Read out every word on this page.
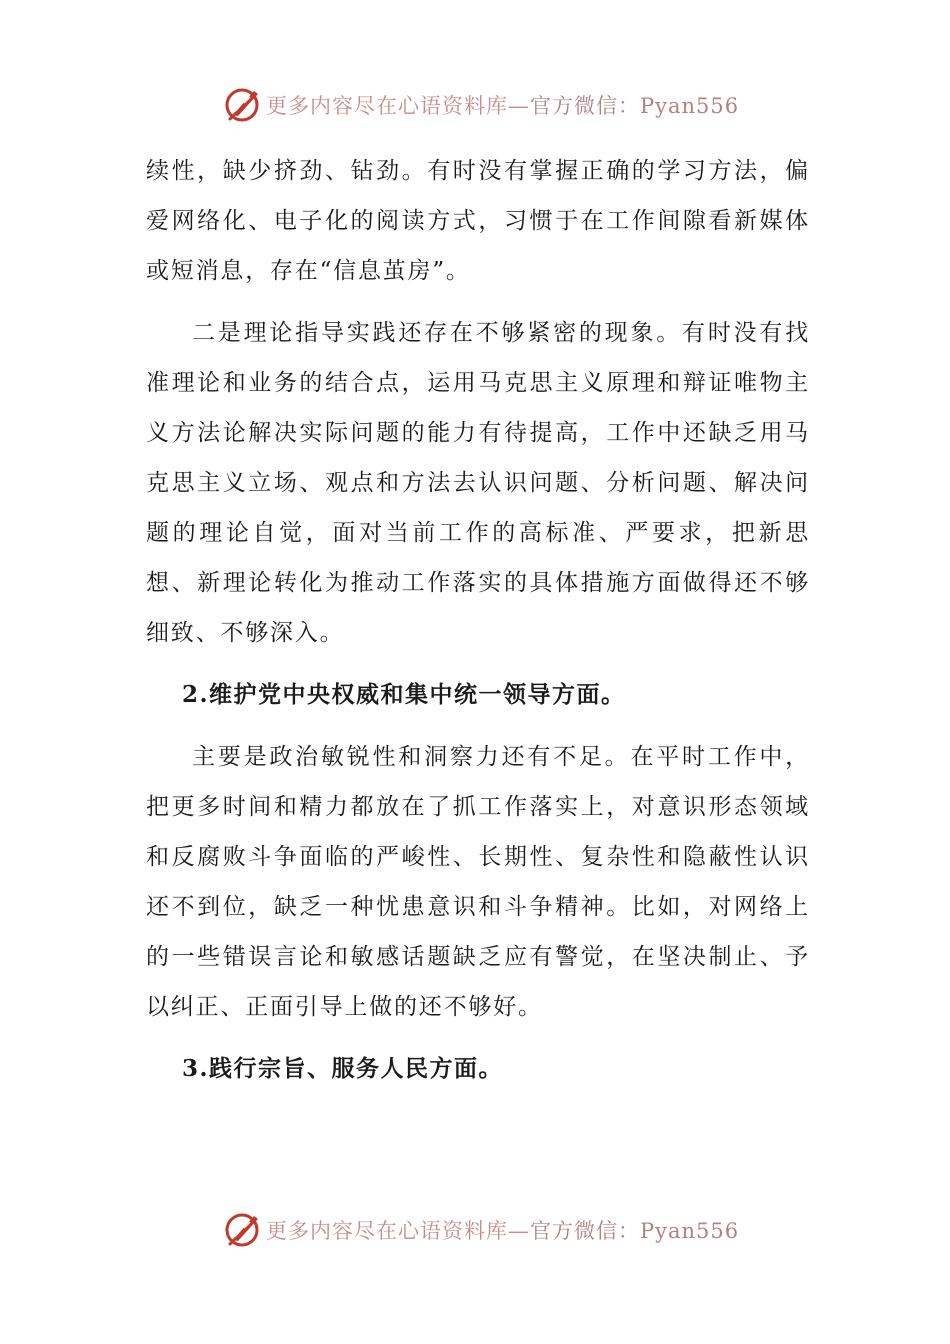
更多内容尽在心语资料库—官方微信：Pyan556

续性，缺少挤劲、钻劲。有时没有掌握正确的学习方法，偏爱网络化、电子化的阅读方式，习惯于在工作间隙看新媒体或短消息，存在“信息茧房”。

二是理论指导实践还存在不够紧密的现象。有时没有找准理论和业务的结合点，运用马克思主义原理和辩证唯物主义方法论解决实际问题的能力有待提高，工作中还缺乏用马克思主义立场、观点和方法去认识问题、分析问题、解决问题的理论自觉，面对当前工作的高标准、严要求，把新思想、新理论转化为推动工作落实的具体措施方面做得还不够细致、不够深入。

2.维护党中央权威和集中统一领导方面。

主要是政治敏锐性和洞察力还有不足。在平时工作中，把更多时间和精力都放在了抓工作落实上，对意识形态领域和反腐败斗争面临的严峻性、长期性、复杂性和隐蔽性认识还不到位，缺乏一种忧患意识和斗争精神。比如，对网络上的一些错误言论和敏感话题缺乏应有警觉，在坚决制止、予以纠正、正面引导上做的还不够好。

3.践行宗旨、服务人民方面。

更多内容尽在心语资料库—官方微信：Pyan556
